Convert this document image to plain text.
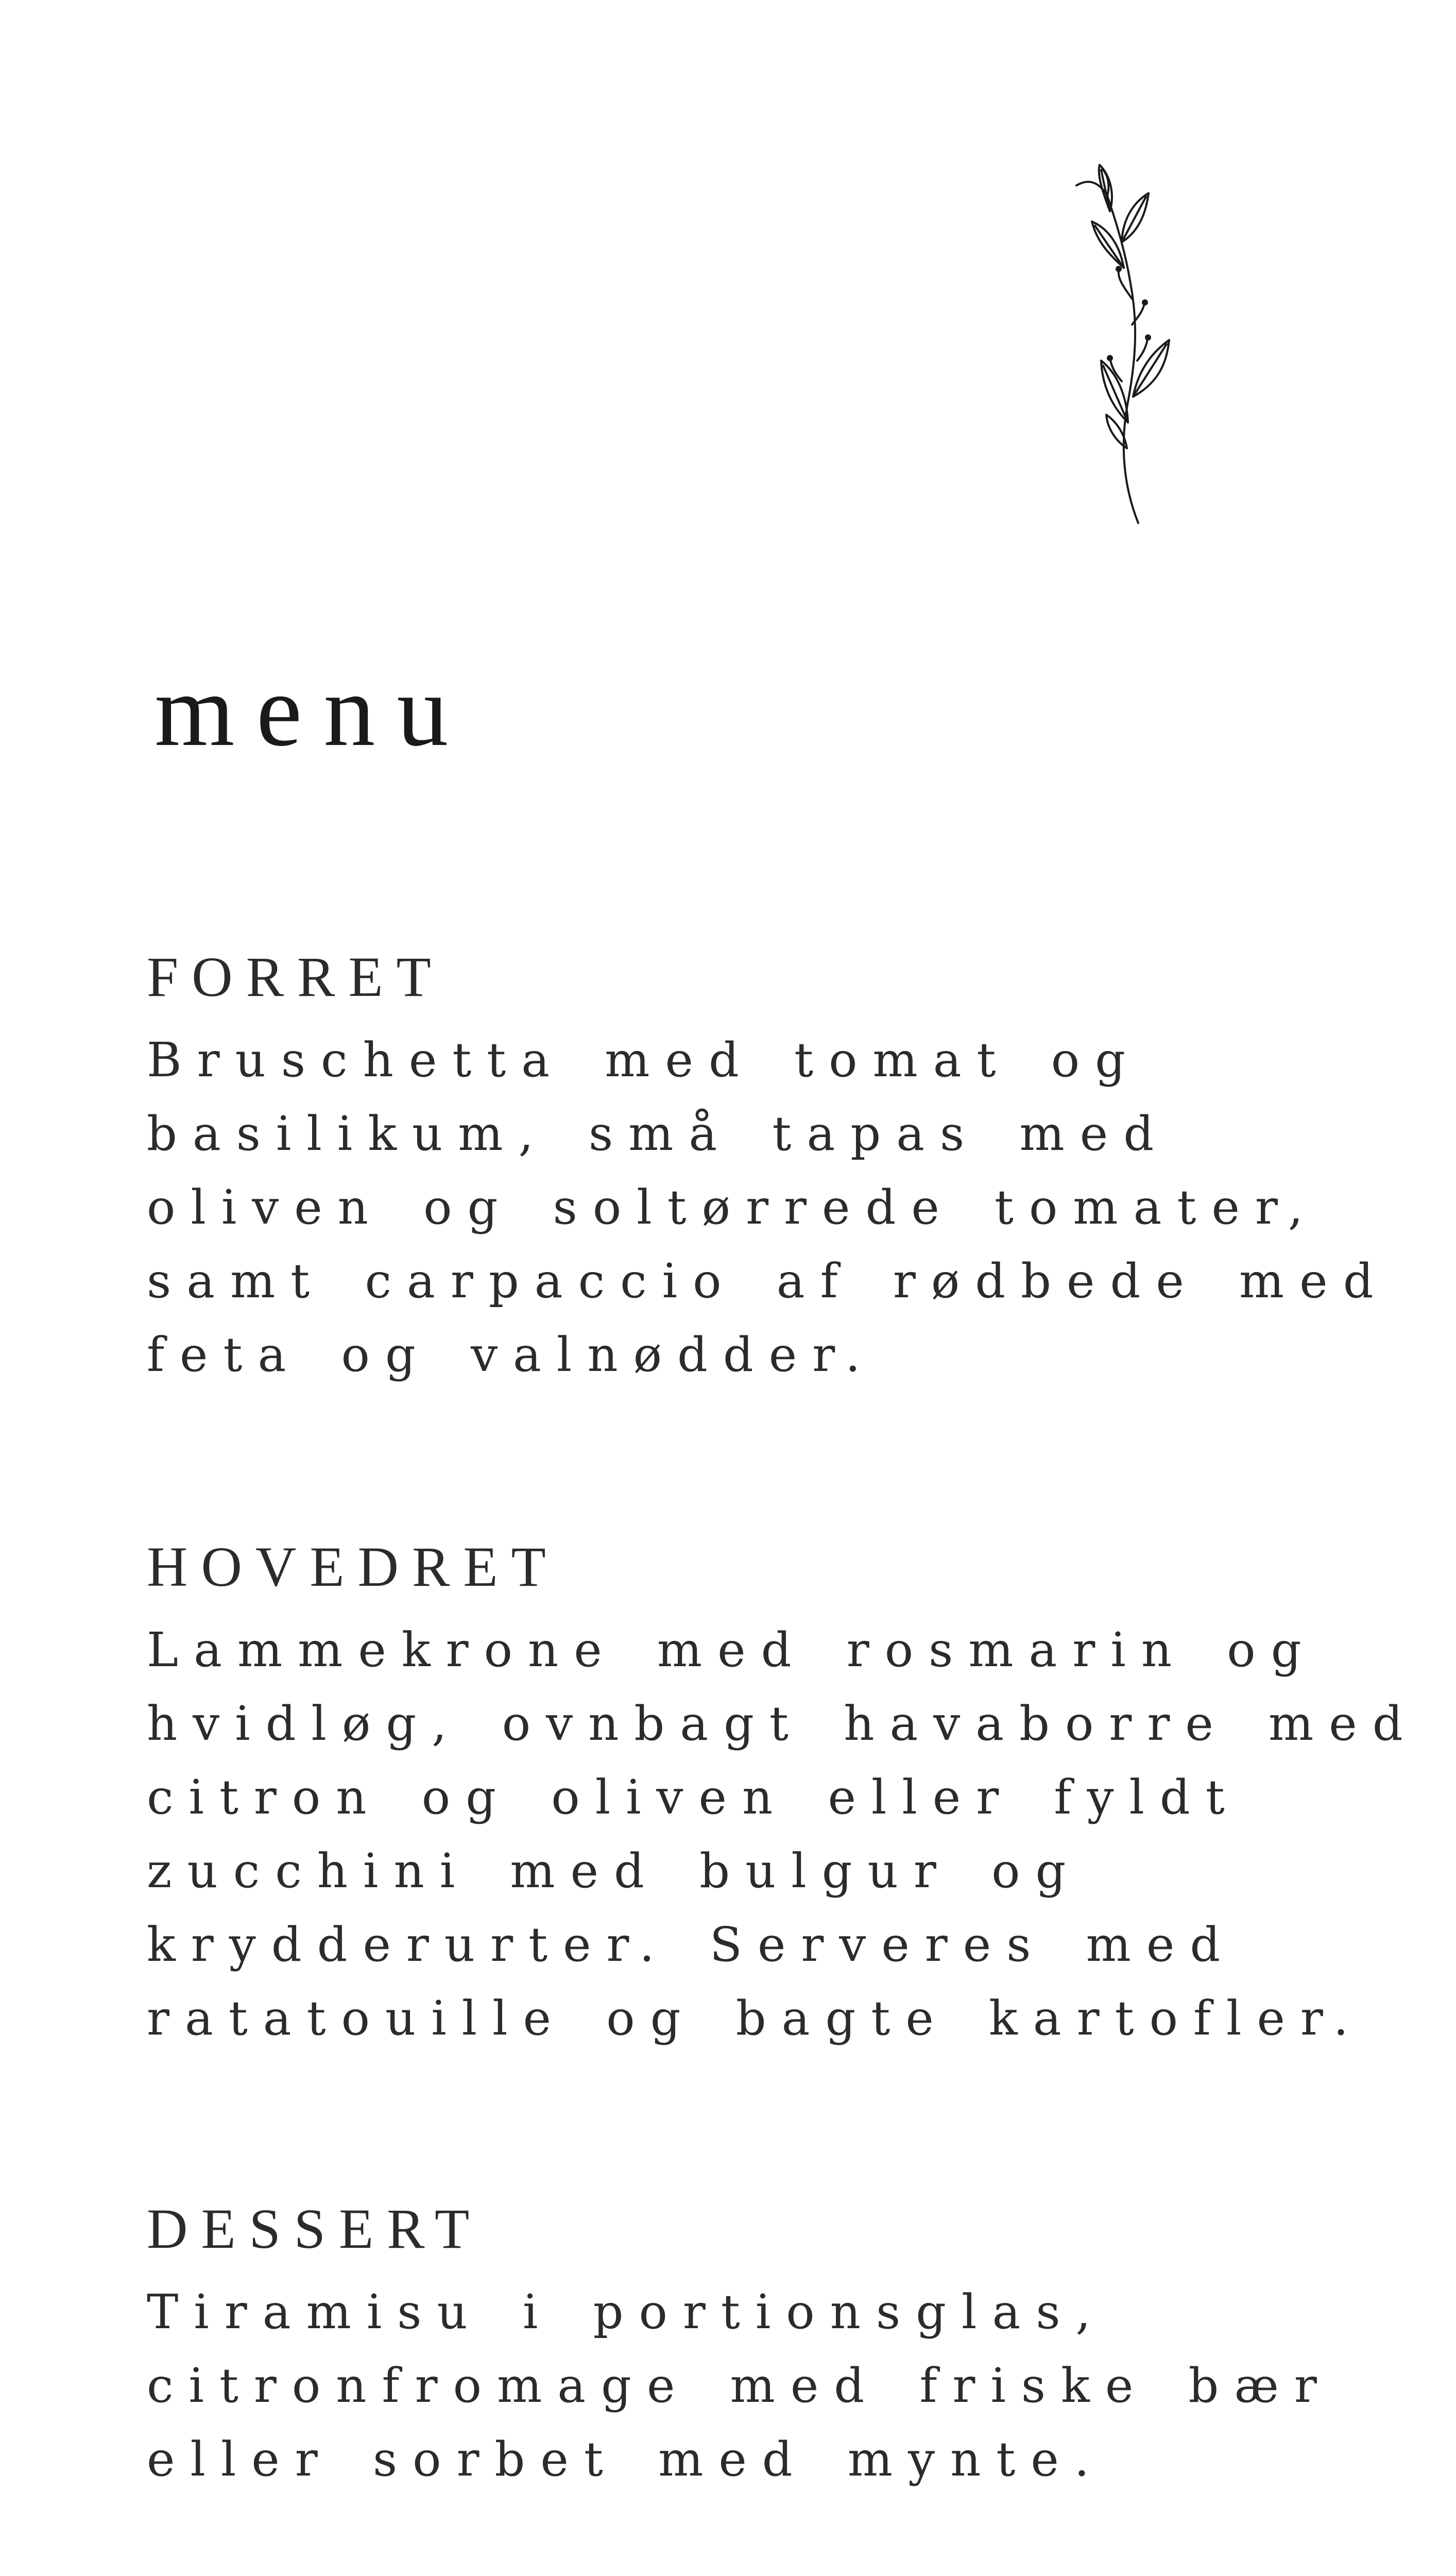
menu
FORRET

Bruschetta med tomat og
basilikum, små tapas med
oliven og soltørrede tomater,
samt carpaccio af rødbede med
feta og valnødder.

HOVEDRET

Lammekrone med rosmarin og
hvidløg, ovnbagt havaborre med
citron og oliven eller fyldt
zucchini med bulgur og
krydderurter. Serveres med
ratatouille og bagte kartofler.

DESSERT

Tiramisu i portionsglas,
citronfromage med friske bær
eller sorbet med mynte.
